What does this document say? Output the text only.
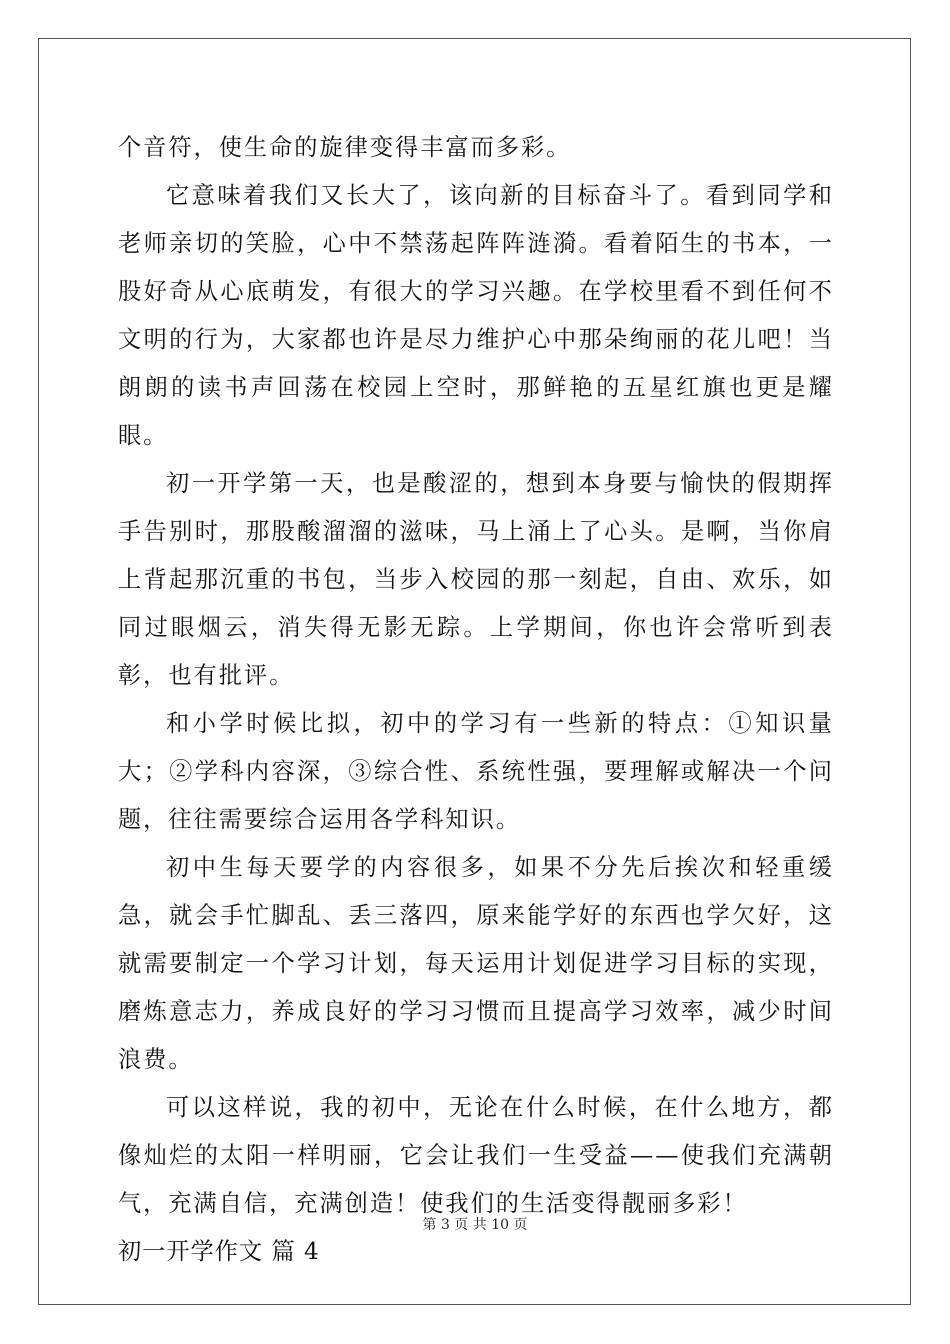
个音符，使生命的旋律变得丰富而多彩。

它意味着我们又长大了，该向新的目标奋斗了。看到同学和老师亲切的笑脸，心中不禁荡起阵阵涟漪。看着陌生的书本，一股好奇从心底萌发，有很大的学习兴趣。在学校里看不到任何不文明的行为，大家都也许是尽力维护心中那朵绚丽的花儿吧！当朗朗的读书声回荡在校园上空时，那鲜艳的五星红旗也更是耀眼。

初一开学第一天，也是酸涩的，想到本身要与愉快的假期挥手告别时，那股酸溜溜的滋味，马上涌上了心头。是啊，当你肩上背起那沉重的书包，当步入校园的那一刻起，自由、欢乐，如同过眼烟云，消失得无影无踪。上学期间，你也许会常听到表彰，也有批评。

和小学时候比拟，初中的学习有一些新的特点：①知识量大；②学科内容深，③综合性、系统性强，要理解或解决一个问题，往往需要综合运用各学科知识。

初中生每天要学的内容很多，如果不分先后挨次和轻重缓急，就会手忙脚乱、丢三落四，原来能学好的东西也学欠好，这就需要制定一个学习计划，每天运用计划促进学习目标的实现，磨炼意志力，养成良好的学习习惯而且提高学习效率，减少时间浪费。

可以这样说，我的初中，无论在什么时候，在什么地方，都像灿烂的太阳一样明丽，它会让我们一生受益——使我们充满朝气，充满自信，充满创造！使我们的生活变得靓丽多彩！

初一开学作文 篇 4

第 3 页 共 10 页
